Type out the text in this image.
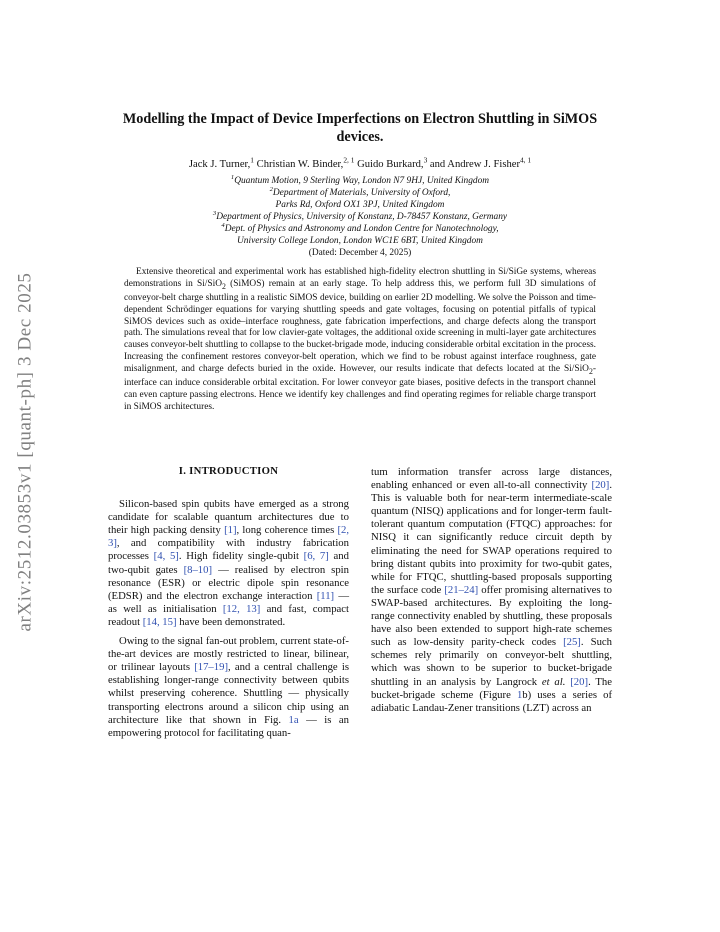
arXiv:2512.03853v1 [quant-ph] 3 Dec 2025
Modelling the Impact of Device Imperfections on Electron Shuttling in SiMOS devices.
Jack J. Turner,$^1$ Christian W. Binder,$^{2, 1}$ Guido Burkard,$^3$ and Andrew J. Fisher$^{4, 1}$
$^1$Quantum Motion, 9 Sterling Way, London N7 9HJ, United Kingdom
$^2$Department of Materials, University of Oxford,
Parks Rd, Oxford OX1 3PJ, United Kingdom
$^3$Department of Physics, University of Konstanz, D-78457 Konstanz, Germany
$^4$Dept. of Physics and Astronomy and London Centre for Nanotechnology,
University College London, London WC1E 6BT, United Kingdom
(Dated: December 4, 2025)
Extensive theoretical and experimental work has established high-fidelity electron shuttling in Si/SiGe systems, whereas demonstrations in Si/SiO$_2$ (SiMOS) remain at an early stage. To help address this, we perform full 3D simulations of conveyor-belt charge shuttling in a realistic SiMOS device, building on earlier 2D modelling. We solve the Poisson and time-dependent Schrödinger equations for varying shuttling speeds and gate voltages, focusing on potential pitfalls of typical SiMOS devices such as oxide–interface roughness, gate fabrication imperfections, and charge defects along the transport path. The simulations reveal that for low clavier-gate voltages, the additional oxide screening in multi-layer gate architectures causes conveyor-belt shuttling to collapse to the bucket-brigade mode, inducing considerable orbital excitation in the process. Increasing the confinement restores conveyor-belt operation, which we find to be robust against interface roughness, gate misalignment, and charge defects buried in the oxide. However, our results indicate that defects located at the Si/SiO$_2$-interface can induce considerable orbital excitation. For lower conveyor gate biases, positive defects in the transport channel can even capture passing electrons. Hence we identify key challenges and find operating regimes for reliable charge transport in SiMOS architectures.
I. INTRODUCTION

Silicon-based spin qubits have emerged as a strong candidate for scalable quantum architectures due to their high packing density [1], long coherence times [2, 3], and compatibility with industry fabrication processes [4, 5]. High fidelity single-qubit [6, 7] and two-qubit gates [8–10] — realised by electron spin resonance (ESR) or electric dipole spin resonance (EDSR) and the electron exchange interaction [11] — as well as initialisation [12, 13] and fast, compact readout [14, 15] have been demonstrated.

Owing to the signal fan-out problem, current state-of-the-art devices are mostly restricted to linear, bilinear, or trilinear layouts [17–19], and a central challenge is establishing longer-range connectivity between qubits whilst preserving coherence. Shuttling — physically transporting electrons around a silicon chip using an architecture like that shown in Fig. 1a — is an empowering protocol for facilitating quan-

tum information transfer across large distances, enabling enhanced or even all-to-all connectivity [20]. This is valuable both for near-term intermediate-scale quantum (NISQ) applications and for longer-term fault-tolerant quantum computation (FTQC) approaches: for NISQ it can significantly reduce circuit depth by eliminating the need for SWAP operations required to bring distant qubits into proximity for two-qubit gates, while for FTQC, shuttling-based proposals supporting the surface code [21–24] offer promising alternatives to SWAP-based architectures. By exploiting the long-range connectivity enabled by shuttling, these proposals have also been extended to support high-rate schemes such as low-density parity-check codes [25]. Such schemes rely primarily on conveyor-belt shuttling, which was shown to be superior to bucket-brigade shuttling in an analysis by Langrock et al. [20]. The bucket-brigade scheme (Figure 1b) uses a series of adiabatic Landau-Zener transitions (LZT) across an
